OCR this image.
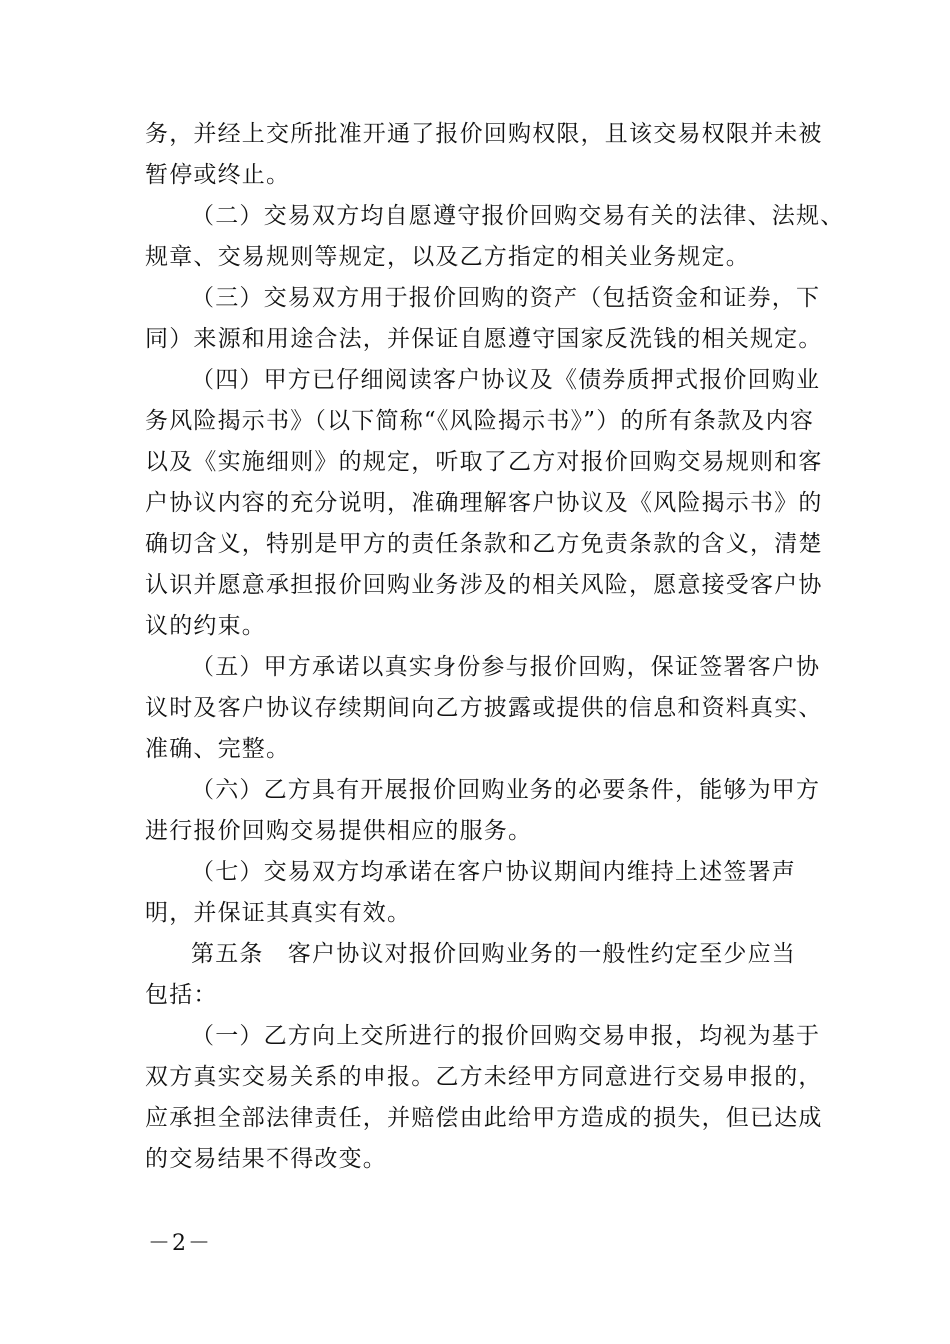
务，并经上交所批准开通了报价回购权限，且该交易权限并未被
暂停或终止。
（二）交易双方均自愿遵守报价回购交易有关的法律、法规、
规章、交易规则等规定，以及乙方指定的相关业务规定。
（三）交易双方用于报价回购的资产（包括资金和证券，下
同）来源和用途合法，并保证自愿遵守国家反洗钱的相关规定。
（四）甲方已仔细阅读客户协议及《债券质押式报价回购业
务风险揭示书》（以下简称“《风险揭示书》”）的所有条款及内容
以及《实施细则》的规定，听取了乙方对报价回购交易规则和客
户协议内容的充分说明，准确理解客户协议及《风险揭示书》的
确切含义，特别是甲方的责任条款和乙方免责条款的含义，清楚
认识并愿意承担报价回购业务涉及的相关风险，愿意接受客户协
议的约束。
（五）甲方承诺以真实身份参与报价回购，保证签署客户协
议时及客户协议存续期间向乙方披露或提供的信息和资料真实、
准确、完整。
（六）乙方具有开展报价回购业务的必要条件，能够为甲方
进行报价回购交易提供相应的服务。
（七）交易双方均承诺在客户协议期间内维持上述签署声
明，并保证其真实有效。
第五条　客户协议对报价回购业务的一般性约定至少应当
包括：
（一）乙方向上交所进行的报价回购交易申报，均视为基于
双方真实交易关系的申报。乙方未经甲方同意进行交易申报的，
应承担全部法律责任，并赔偿由此给甲方造成的损失，但已达成
的交易结果不得改变。
－2－
